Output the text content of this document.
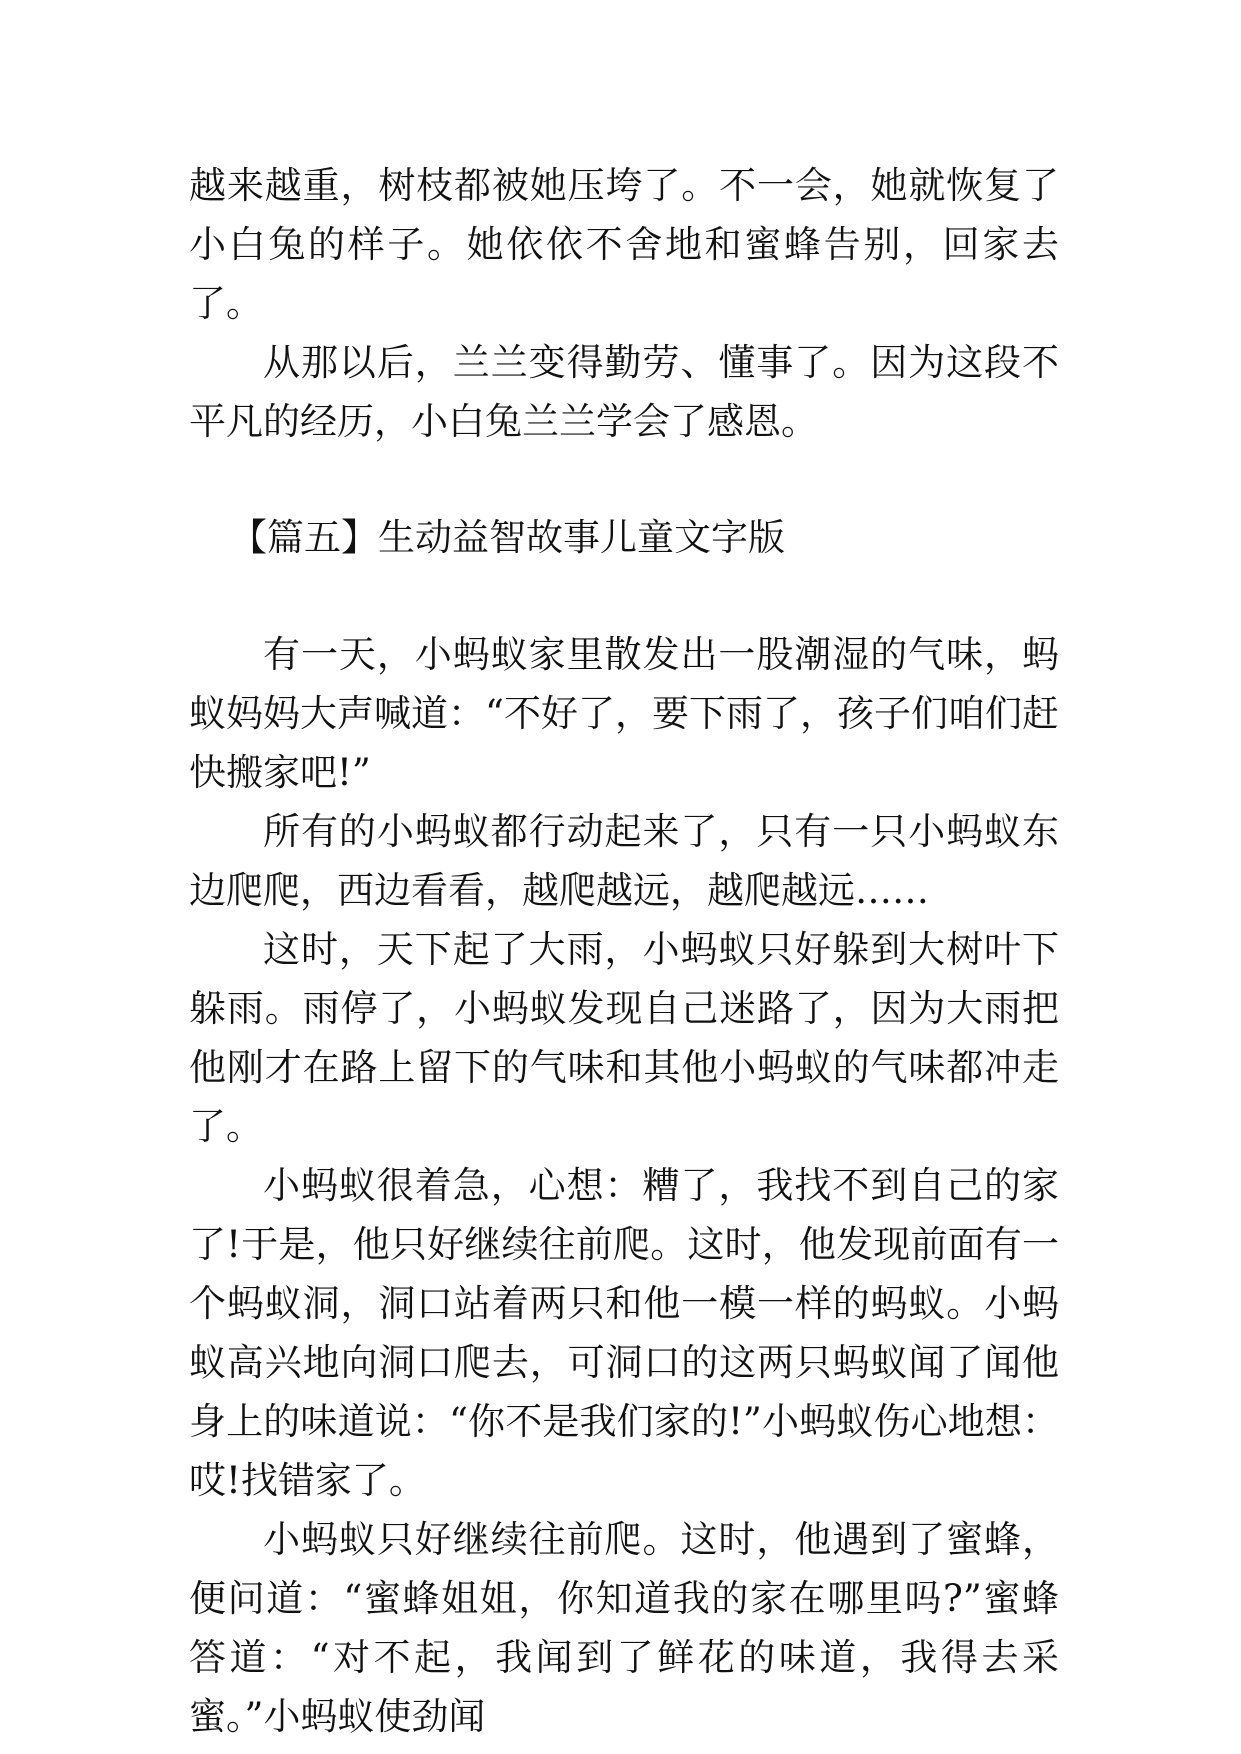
越来越重，树枝都被她压垮了。不一会，她就恢复了小白兔的样子。她依依不舍地和蜜蜂告别，回家去了。

从那以后，兰兰变得勤劳、懂事了。因为这段不平凡的经历，小白兔兰兰学会了感恩。

【篇五】生动益智故事儿童文字版

有一天，小蚂蚁家里散发出一股潮湿的气味，蚂蚁妈妈大声喊道：“不好了，要下雨了，孩子们咱们赶快搬家吧!”

所有的小蚂蚁都行动起来了，只有一只小蚂蚁东边爬爬，西边看看，越爬越远，越爬越远……

这时，天下起了大雨，小蚂蚁只好躲到大树叶下躲雨。雨停了，小蚂蚁发现自己迷路了，因为大雨把他刚才在路上留下的气味和其他小蚂蚁的气味都冲走了。

小蚂蚁很着急，心想：糟了，我找不到自己的家了!于是，他只好继续往前爬。这时，他发现前面有一个蚂蚁洞，洞口站着两只和他一模一样的蚂蚁。小蚂蚁高兴地向洞口爬去，可洞口的这两只蚂蚁闻了闻他身上的味道说：“你不是我们家的!”小蚂蚁伤心地想：哎!找错家了。

小蚂蚁只好继续往前爬。这时，他遇到了蜜蜂，便问道：“蜜蜂姐姐，你知道我的家在哪里吗?”蜜蜂答道：“对不起，我闻到了鲜花的味道，我得去采蜜。”小蚂蚁使劲闻
